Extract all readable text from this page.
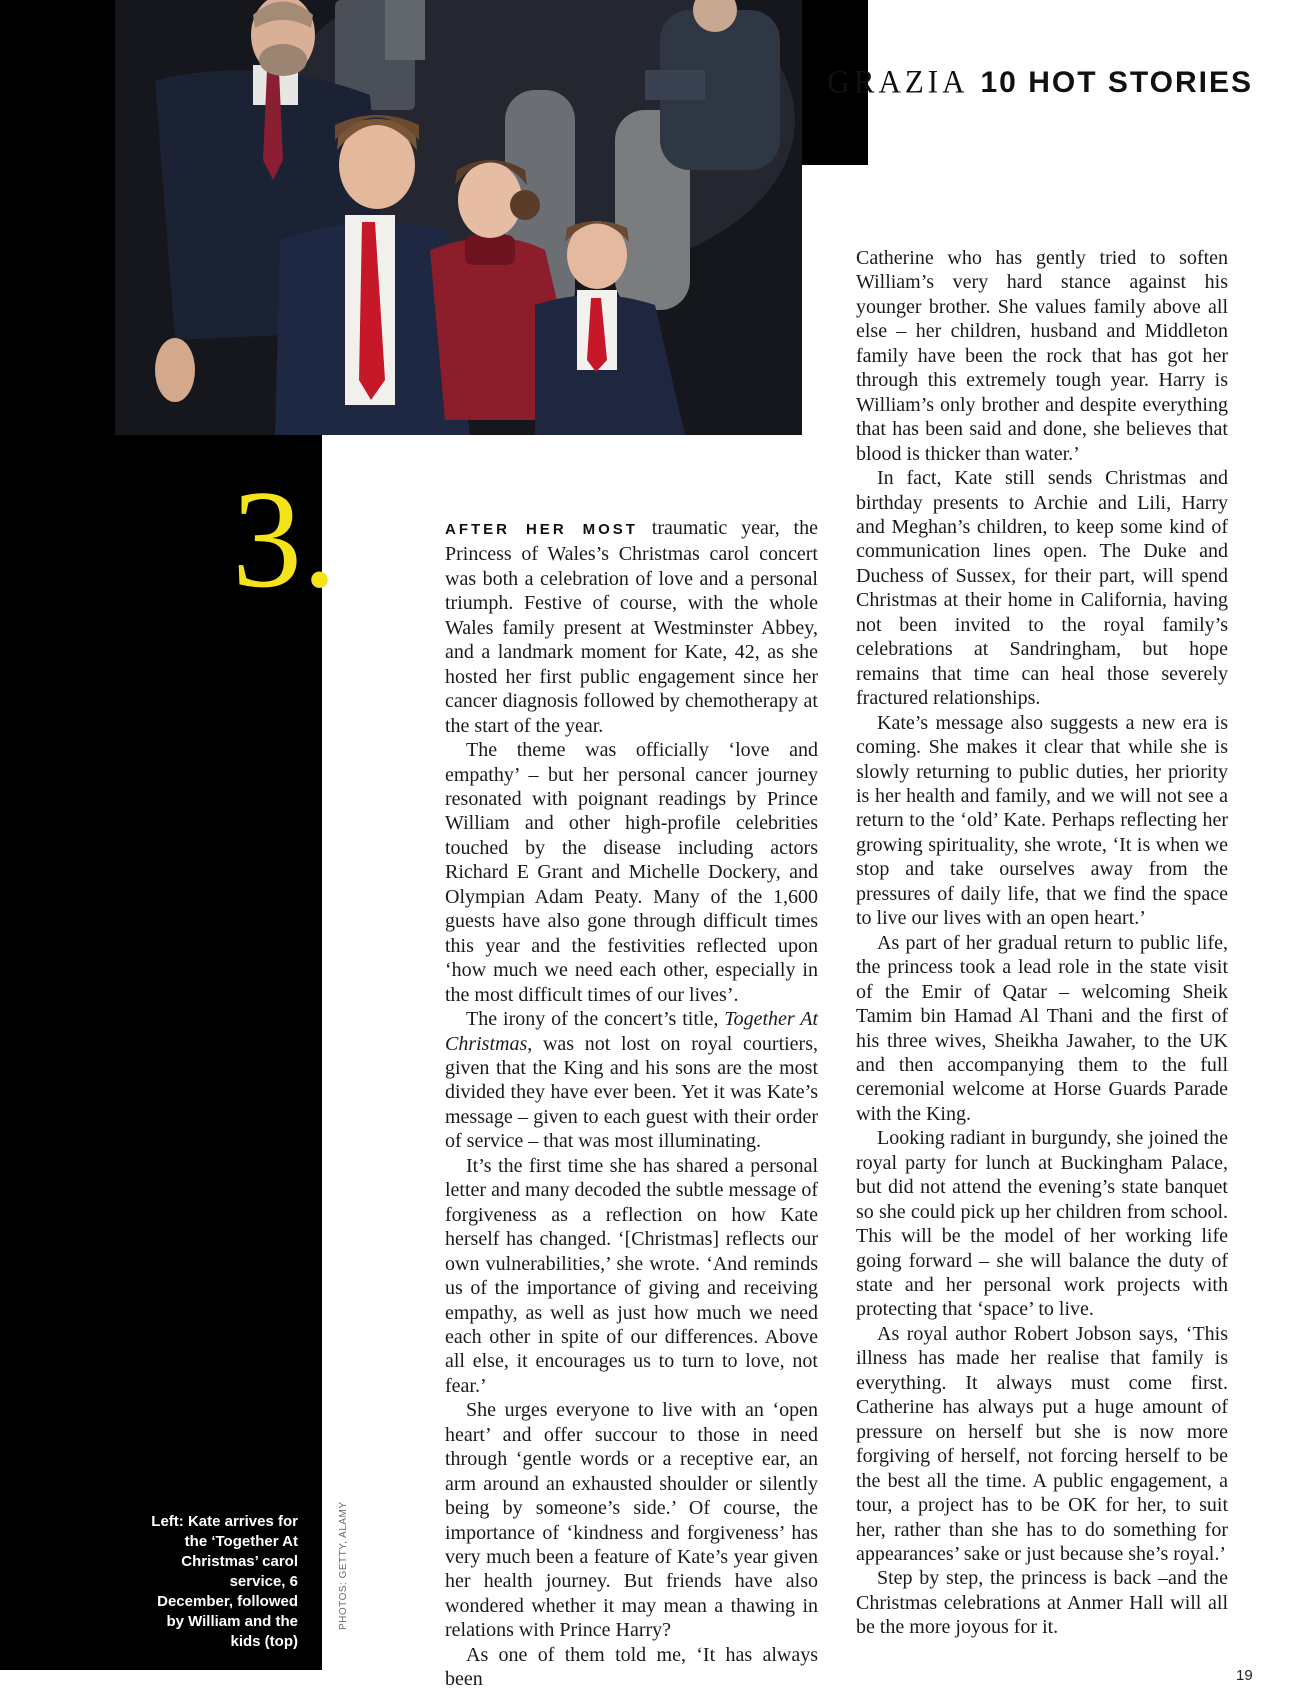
GRAZIA 10 HOT STORIES
3.	AFTER HER MOST traumatic year, the Princess of Wales’s Christmas carol concert was both a celebration of love and a personal triumph. Festive of course, with the whole Wales family present at Westminster Abbey, and a landmark moment for Kate, 42, as she hosted her first public engagement since her cancer diagnosis followed by chemotherapy at the start of the year.

The theme was officially ‘love and empathy’ – but her personal cancer journey resonated with poignant readings by Prince William and other high-profile celebrities touched by the disease including actors Richard E Grant and Michelle Dockery, and Olympian Adam Peaty. Many of the 1,600 guests have also gone through difficult times this year and the festivities reflected upon ‘how much we need each other, especially in the most difficult times of our lives’.

The irony of the concert’s title, Together At Christmas, was not lost on royal courtiers, given that the King and his sons are the most divided they have ever been. Yet it was Kate’s message – given to each guest with their order of service – that was most illuminating.

It’s the first time she has shared a personal letter and many decoded the subtle message of forgiveness as a reflection on how Kate herself has changed. ‘[Christmas] reflects our own vulnerabilities,’ she wrote. ‘And reminds us of the importance of giving and receiving empathy, as well as just how much we need each other in spite of our differences. Above all else, it encourages us to turn to love, not fear.’

She urges everyone to live with an ‘open heart’ and offer succour to those in need through ‘gentle words or a receptive ear, an arm around an exhausted shoulder or silently being by someone’s side.’ Of course, the importance of ‘kindness and forgiveness’ has very much been a feature of Kate’s year given her health journey. But friends have also wondered whether it may mean a thawing in relations with Prince Harry?

As one of them told me, ‘It has always been

Catherine who has gently tried to soften William’s very hard stance against his younger brother. She values family above all else – her children, husband and Middleton family have been the rock that has got her through this extremely tough year. Harry is William’s only brother and despite everything that has been said and done, she believes that blood is thicker than water.’

In fact, Kate still sends Christmas and birthday presents to Archie and Lili, Harry and Meghan’s children, to keep some kind of communication lines open. The Duke and Duchess of Sussex, for their part, will spend Christmas at their home in California, having not been invited to the royal family’s celebrations at Sandringham, but hope remains that time can heal those severely fractured relationships.

Kate’s message also suggests a new era is coming. She makes it clear that while she is slowly returning to public duties, her priority is her health and family, and we will not see a return to the ‘old’ Kate. Perhaps reflecting her growing spirituality, she wrote, ‘It is when we stop and take ourselves away from the pressures of daily life, that we find the space to live our lives with an open heart.’

As part of her gradual return to public life, the princess took a lead role in the state visit of the Emir of Qatar – welcoming Sheik Tamim bin Hamad Al Thani and the first of his three wives, Sheikha Jawaher, to the UK and then accompanying them to the full ceremonial welcome at Horse Guards Parade with the King.

Looking radiant in burgundy, she joined the royal party for lunch at Buckingham Palace, but did not attend the evening’s state banquet so she could pick up her children from school. This will be the model of her working life going forward – she will balance the duty of state and her personal work projects with protecting that ‘space’ to live.

As royal author Robert Jobson says, ‘This illness has made her realise that family is everything. It always must come first. Catherine has always put a huge amount of pressure on herself but she is now more forgiving of herself, not forcing herself to be the best all the time. A public engagement, a tour, a project has to be OK for her, to suit her, rather than she has to do something for appearances’ sake or just because she’s royal.’

Step by step, the princess is back –and the Christmas celebrations at Anmer Hall will all be the more joyous for it.

Left: Kate arrives for the ‘Together At Christmas’ carol service, 6 December, followed by William and the kids (top)
PHOTOS: GETTY, ALAMY
19
